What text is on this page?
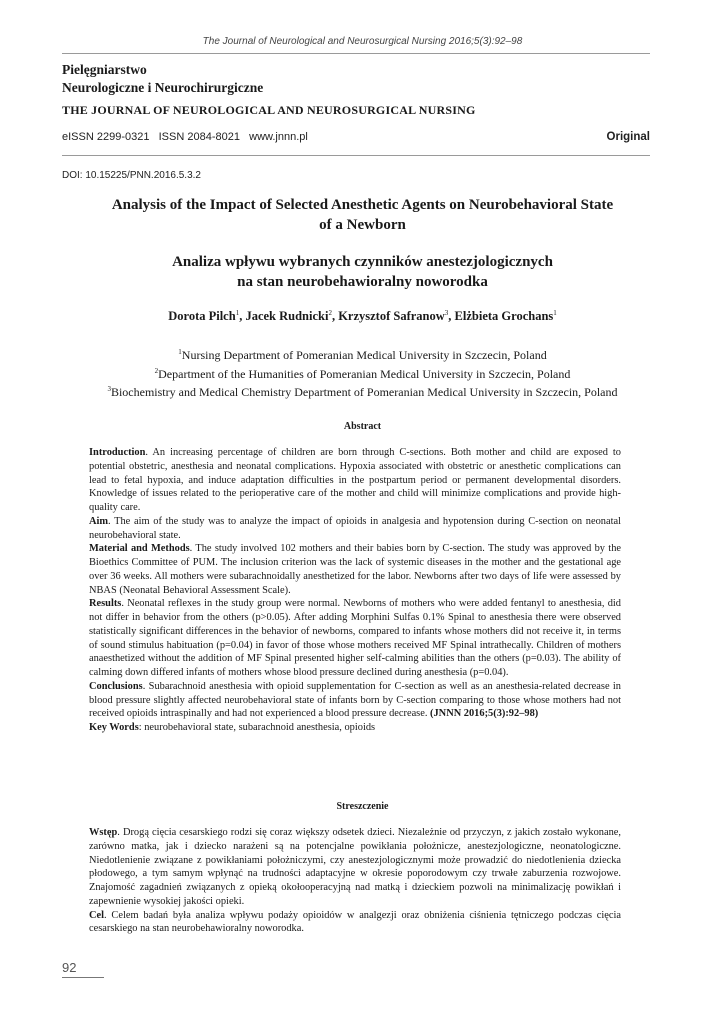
The Journal of Neurological and Neurosurgical Nursing 2016;5(3):92–98
Pielęgniarstwo
Neurologiczne i Neurochirurgiczne
THE JOURNAL OF NEUROLOGICAL AND NEUROSURGICAL NURSING
eISSN 2299-0321   ISSN 2084-8021   www.jnnn.pl	Original
DOI: 10.15225/PNN.2016.5.3.2
Analysis of the Impact of Selected Anesthetic Agents on Neurobehavioral State
of a Newborn
Analiza wpływu wybranych czynników anestezjologicznych
na stan neurobehawioralny noworodka
Dorota Pilch$^1$, Jacek Rudnicki$^2$, Krzysztof Safranow$^3$, Elżbieta Grochans$^1$
$^1$Nursing Department of Pomeranian Medical University in Szczecin, Poland
$^2$Department of the Humanities of Pomeranian Medical University in Szczecin, Poland
$^3$Biochemistry and Medical Chemistry Department of Pomeranian Medical University in Szczecin, Poland
Abstract

Introduction. An increasing percentage of children are born through C-sections. Both mother and child are exposed to potential obstetric, anesthesia and neonatal complications. Hypoxia associated with obstetric or anesthetic complications can lead to fetal hypoxia, and induce adaptation difficulties in the postpartum period or permanent developmental disorders. Knowledge of issues related to the perioperative care of the mother and child will minimize complications and provide high-quality care.

Aim. The aim of the study was to analyze the impact of opioids in analgesia and hypotension during C-section on neonatal neurobehavioral state.

Material and Methods. The study involved 102 mothers and their babies born by C-section. The study was approved by the Bioethics Committee of PUM. The inclusion criterion was the lack of systemic diseases in the mother and the gestational age over 36 weeks. All mothers were subarachnoidally anesthetized for the labor. Newborns after two days of life were assessed by NBAS (Neonatal Behavioral Assessment Scale).

Results. Neonatal reflexes in the study group were normal. Newborns of mothers who were added fentanyl to anesthesia, did not differ in behavior from the others (p>0.05). After adding Morphini Sulfas 0.1% Spinal to anesthesia there were observed statistically significant differences in the behavior of newborns, compared to infants whose mothers did not receive it, in terms of sound stimulus habituation (p=0.04) in favor of those whose mothers received MF Spinal intrathecally. Children of mothers anaesthetized without the addition of MF Spinal presented higher self-calming abilities than the others (p=0.03). The ability of calming down differed infants of mothers whose blood pressure declined during anesthesia (p=0.04).

Conclusions. Subarachnoid anesthesia with opioid supplementation for C-section as well as an anesthesia-related decrease in blood pressure slightly affected neurobehavioral state of infants born by C-section comparing to those whose mothers had not received opioids intraspinally and had not experienced a blood pressure decrease. (JNNN 2016;5(3):92–98)

Key Words: neurobehavioral state, subarachnoid anesthesia, opioids

Streszczenie

Wstęp. Drogą cięcia cesarskiego rodzi się coraz większy odsetek dzieci. Niezależnie od przyczyn, z jakich zostało wykonane, zarówno matka, jak i dziecko narażeni są na potencjalne powikłania położnicze, anestezjologiczne, neonatologiczne. Niedotlenienie związane z powikłaniami położniczymi, czy anestezjologicznymi może prowadzić do niedotlenienia dziecka płodowego, a tym samym wpłynąć na trudności adaptacyjne w okresie poporodowym czy trwałe zaburzenia rozwojowe. Znajomość zagadnień związanych z opieką okołooperacyjną nad matką i dzieckiem pozwoli na minimalizację powikłań i zapewnienie wysokiej jakości opieki.

Cel. Celem badań była analiza wpływu podaży opioidów w analgezji oraz obniżenia ciśnienia tętniczego podczas cięcia cesarskiego na stan neurobehawioralny noworodka.

92
